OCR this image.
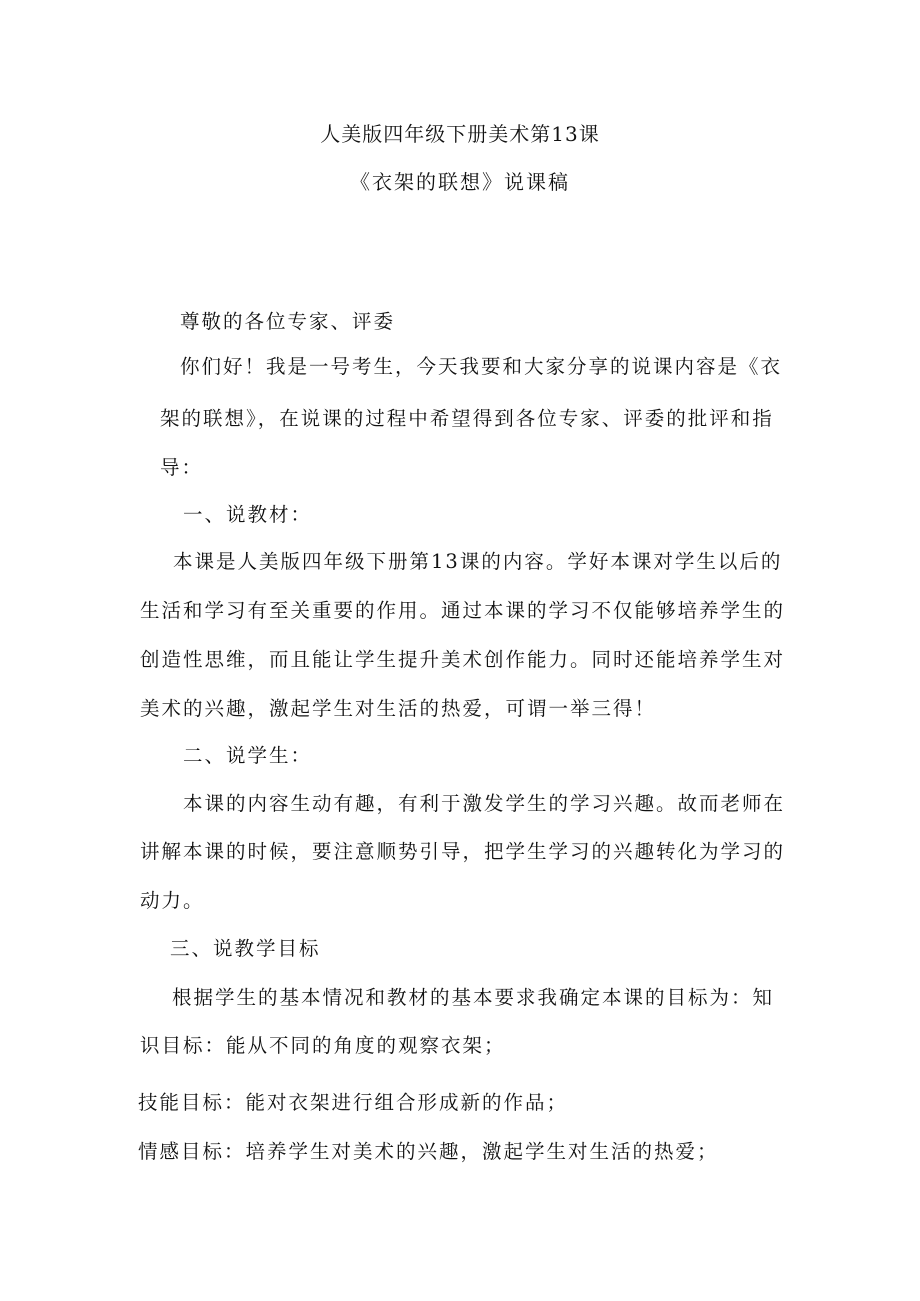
人美版四年级下册美术第13课
《衣架的联想》说课稿
尊敬的各位专家、评委
你们好！我是一号考生，今天我要和大家分享的说课内容是《衣
架的联想》，在说课的过程中希望得到各位专家、评委的批评和指
导：
一、说教材：
本课是人美版四年级下册第13课的内容。学好本课对学生以后的
生活和学习有至关重要的作用。通过本课的学习不仅能够培养学生的
创造性思维，而且能让学生提升美术创作能力。同时还能培养学生对
美术的兴趣，激起学生对生活的热爱，可谓一举三得！
二、说学生：
本课的内容生动有趣，有利于激发学生的学习兴趣。故而老师在
讲解本课的时候，要注意顺势引导，把学生学习的兴趣转化为学习的
动力。
三、说教学目标
根据学生的基本情况和教材的基本要求我确定本课的目标为：知
识目标：能从不同的角度的观察衣架；
技能目标：能对衣架进行组合形成新的作品；
情感目标：培养学生对美术的兴趣，激起学生对生活的热爱；
